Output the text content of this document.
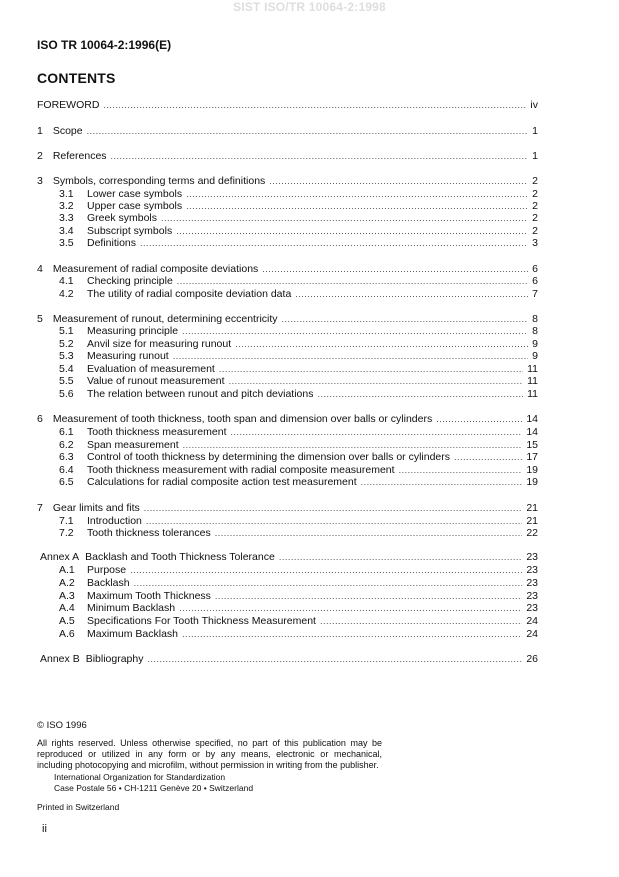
SIST ISO/TR 10064-2:1998
ISO TR 10064-2:1996(E)
CONTENTS
FOREWORD .....	iv
1 Scope .....	1
2 References .....	1
3 Symbols, corresponding terms and definitions .....	2
3.1	Lower case symbols .....	2
3.2	Upper case symbols .....	2
3.3	Greek symbols .....	2
3.4	Subscript symbols .....	2
3.5	Definitions .....	3
4 Measurement of radial composite deviations .....	6
4.1	Checking principle .....	6
4.2	The utility of radial composite deviation data .....	7
5 Measurement of runout, determining eccentricity .....	8
5.1	Measuring principle .....	8
5.2	Anvil size for measuring runout .....	9
5.3	Measuring runout .....	9
5.4	Evaluation of measurement .....	11
5.5	Value of runout measurement .....	11
5.6	The relation between runout and pitch deviations .....	11
6 Measurement of tooth thickness, tooth span and dimension over balls or cylinders .....	14
6.1	Tooth thickness measurement .....	14
6.2	Span measurement .....	15
6.3	Control of tooth thickness by determining the dimension over balls or cylinders .....	17
6.4	Tooth thickness measurement with radial composite measurement .....	19
6.5	Calculations for radial composite action test measurement .....	19
7 Gear limits and fits .....	21
7.1	Introduction .....	21
7.2	Tooth thickness tolerances .....	22
Annex A Backlash and Tooth Thickness Tolerance .....	23
A.1	Purpose .....	23
A.2	Backlash .....	23
A.3	Maximum Tooth Thickness .....	23
A.4	Minimum Backlash .....	23
A.5	Specifications For Tooth Thickness Measurement .....	24
A.6	Maximum Backlash .....	24
Annex B Bibliography .....	26
© ISO 1996
All rights reserved. Unless otherwise specified, no part of this publication may be reproduced or utilized in any form or by any means, electronic or mechanical, including photocopying and microfilm, without permission in writing from the publisher.
International Organization for Standardization
Case Postale 56 • CH-1211 Genève 20 • Switzerland
Printed in Switzerland
ii
